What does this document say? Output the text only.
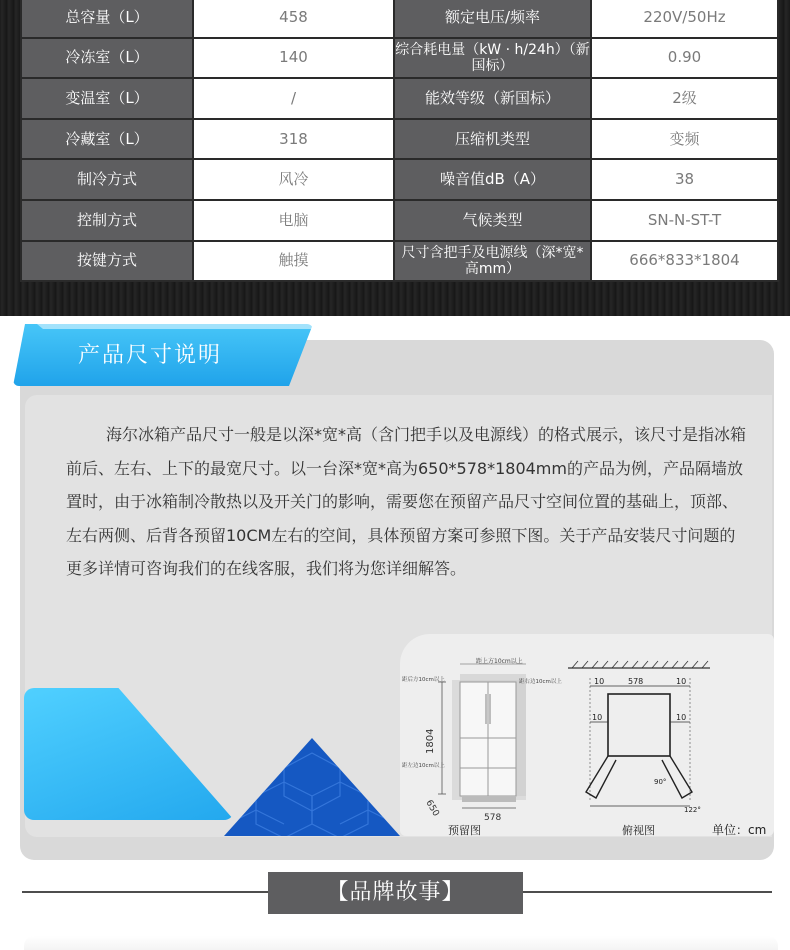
总容量（L）	458	额定电压/频率	220V/50Hz
冷冻室（L）	140	综合耗电量（kW · h/24h）（新国标）	0.90
变温室（L）	/	能效等级（新国标）	2级
冷藏室（L）	318	压缩机类型	变频
制冷方式	风冷	噪音值dB（A）	38
控制方式	电脑	气候类型	SN-N-ST-T
按键方式	触摸	尺寸含把手及电源线（深*宽*高mm）	666*833*1804
产品尺寸说明

海尔冰箱产品尺寸一般是以深*宽*高（含门把手以及电源线）的格式展示，该尺寸是指冰箱前后、左右、上下的最宽尺寸。以一台深*宽*高为650*578*1804mm的产品为例，产品隔墙放置时，由于冰箱制冷散热以及开关门的影响，需要您在预留产品尺寸空间位置的基础上，顶部、左右两侧、后背各预留10CM左右的空间，具体预留方案可参照下图。关于产品安装尺寸问题的更多详情可咨询我们的在线客服，我们将为您详细解答。

距上方10cm以上
距后方10cm以上	距右边10cm以上
距左边10cm以上
1804
650	578
预留图
10	578	10
10	10
90°
122°
俯视图	单位：cm
【品牌故事】
